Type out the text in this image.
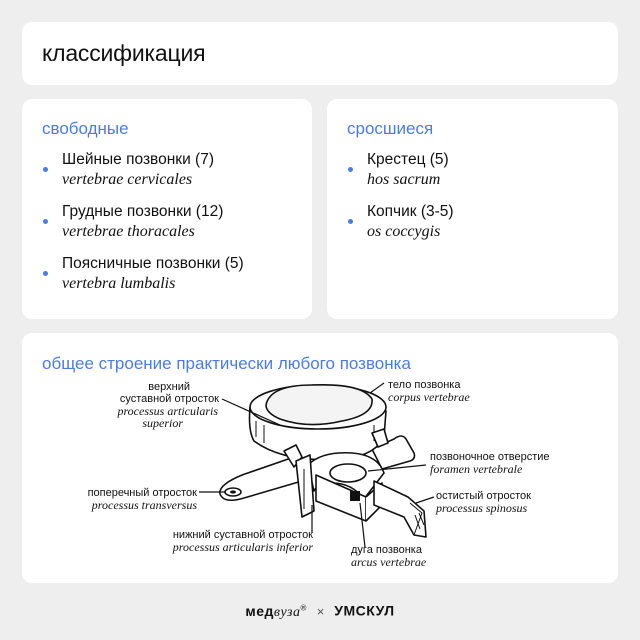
классификация
свободные
Шейные позвонки (7)
vertebrae cervicales
Грудные позвонки (12)
vertebrae thoracales
Поясничные позвонки (5)
vertebra lumbalis
сросшиеся
Крестец (5)
hos sacrum
Копчик (3-5)
os coccygis
общее строение практически любого позвонка
верхний
суставной отросток
processus articularis
superior
тело позвонка
corpus vertebrae
позвоночное отверстие
foramen vertebrale
поперечный отросток
processus transversus
остистый отросток
processus spinosus
нижний суставной отросток
processus articularis inferior	дуга позвонка
arcus vertebrae
медвуза® × УМСКУЛ
